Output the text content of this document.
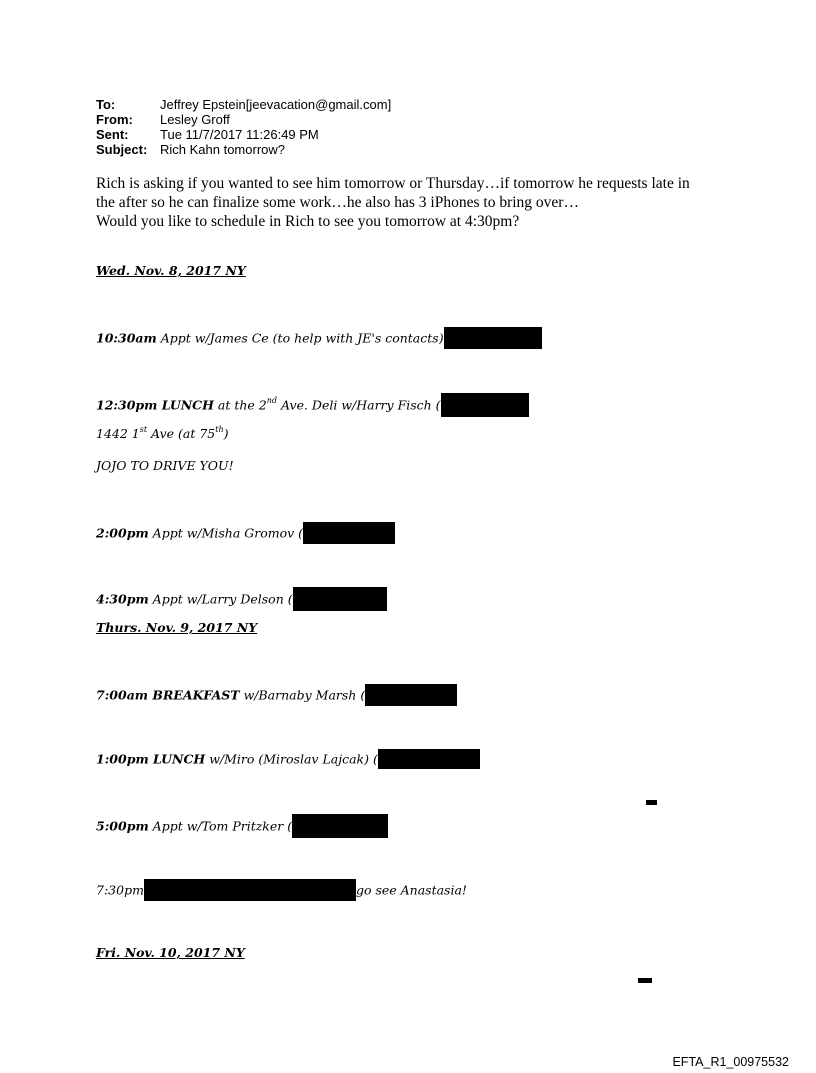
To:	Jeffrey Epstein[jeevacation@gmail.com]
From: Lesley Groff
Sent: Tue 11/7/2017 11:26:49 PM
Subject: Rich Kahn tomorrow?
Rich is asking if you wanted to see him tomorrow or Thursday…if tomorrow he requests late in
the after so he can finalize some work…he also has 3 iPhones to bring over…
Would you like to schedule in Rich to see you tomorrow at 4:30pm?
Wed. Nov. 8, 2017 NY
10:30am Appt w/James Ce (to help with JE's contacts)
12:30pm LUNCH at the 2nd Ave. Deli w/Harry Fisch (
1442 1st Ave (at 75th)
JOJO TO DRIVE YOU!
2:00pm Appt w/Misha Gromov (
4:30pm Appt w/Larry Delson (
Thurs. Nov. 9, 2017 NY
7:00am BREAKFAST w/Barnaby Marsh (
1:00pm LUNCH w/Miro (Miroslav Lajcak) (
5:00pm Appt w/Tom Pritzker (
7:30pm	go see Anastasia!
Fri. Nov. 10, 2017 NY
EFTA_R1_00975532
